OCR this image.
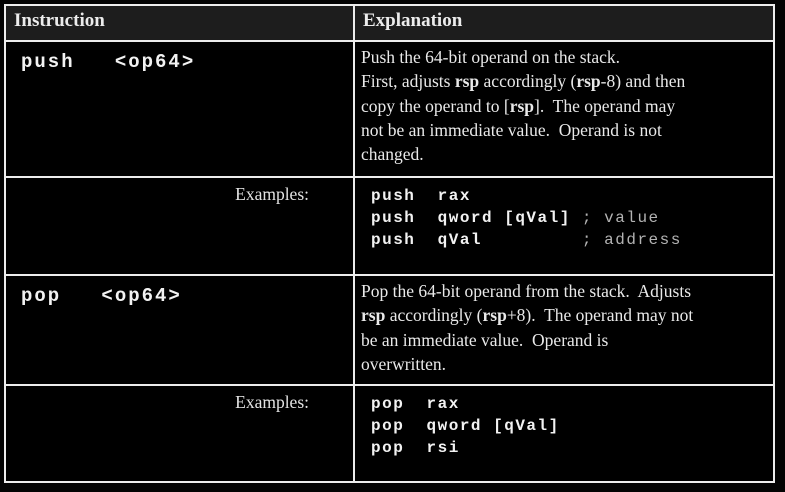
Instruction	Explanation

push   <op64>	Push the 64-bit operand on the stack.
First, adjusts rsp accordingly (rsp-8) and then
copy the operand to [rsp].  The operand may
not be an immediate value.  Operand is not
changed.

Examples:	push  rax
push  qword [qVal] ; value
push  qVal         ; address

pop   <op64>	Pop the 64-bit operand from the stack.  Adjusts
rsp accordingly (rsp+8).  The operand may not
be an immediate value.  Operand is
overwritten.

Examples:	pop  rax
pop  qword [qVal]
pop  rsi
